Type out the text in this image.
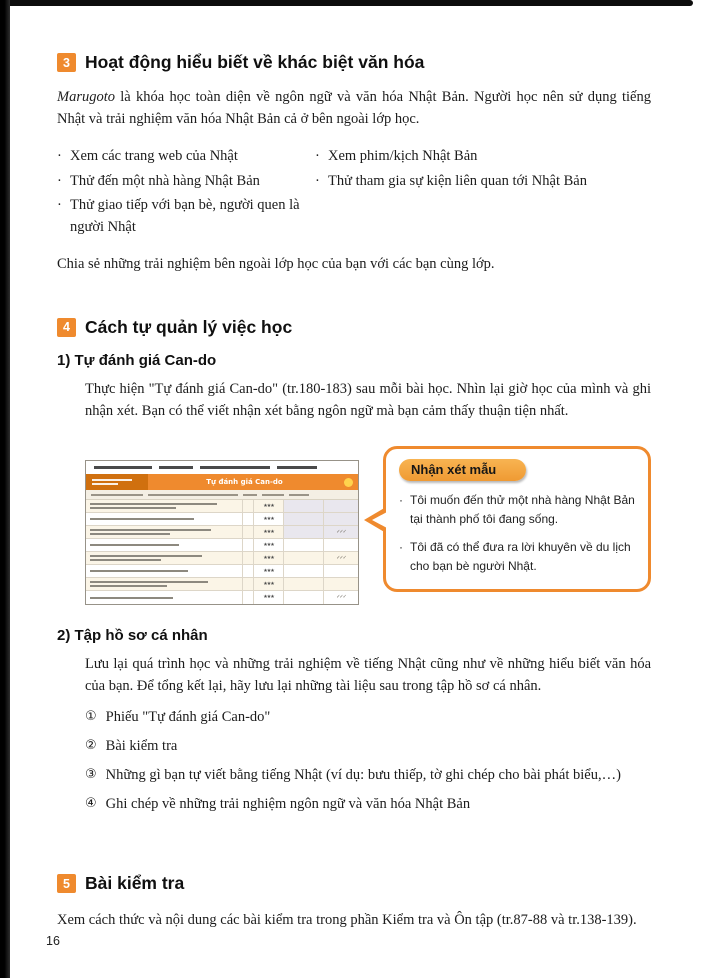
3 Hoạt động hiểu biết về khác biệt văn hóa

Marugoto là khóa học toàn diện về ngôn ngữ và văn hóa Nhật Bản. Người học nên sử dụng tiếng Nhật và trải nghiệm văn hóa Nhật Bản cả ở bên ngoài lớp học.

· Xem các trang web của Nhật

· Thử đến một nhà hàng Nhật Bản

· Thử giao tiếp với bạn bè, người quen là người Nhật

· Xem phim/kịch Nhật Bản

· Thử tham gia sự kiện liên quan tới Nhật Bản

Chia sẻ những trải nghiệm bên ngoài lớp học của bạn với các bạn cùng lớp.

4 Cách tự quản lý việc học
1) Tự đánh giá Can-do

Thực hiện "Tự đánh giá Can-do" (tr.180-183) sau mỗi bài học. Nhìn lại giờ học của mình và ghi nhận xét. Bạn có thể viết nhận xét bằng ngôn ngữ mà bạn cảm thấy thuận tiện nhất.

Tự đánh giá Can-do
★★★
★★★
★★★	✓✓✓
★★★
★★★	✓✓✓
★★★
★★★
★★★	✓✓✓
Nhận xét mẫu
·
Tôi muốn đến thử một nhà hàng Nhật Bản tại thành phố tôi đang sống.
·
Tôi đã có thể đưa ra lời khuyên về du lịch cho bạn bè người Nhật.
2) Tập hồ sơ cá nhân

Lưu lại quá trình học và những trải nghiệm về tiếng Nhật cũng như về những hiểu biết văn hóa của bạn. Để tổng kết lại, hãy lưu lại những tài liệu sau trong tập hồ sơ cá nhân.

① Phiếu "Tự đánh giá Can-do"
② Bài kiểm tra
③ Những gì bạn tự viết bằng tiếng Nhật (ví dụ: bưu thiếp, tờ ghi chép cho bài phát biểu,…)
④ Ghi chép về những trải nghiệm ngôn ngữ và văn hóa Nhật Bản
5 Bài kiểm tra

Xem cách thức và nội dung các bài kiểm tra trong phần Kiểm tra và Ôn tập (tr.87-88 và tr.138-139).

16
